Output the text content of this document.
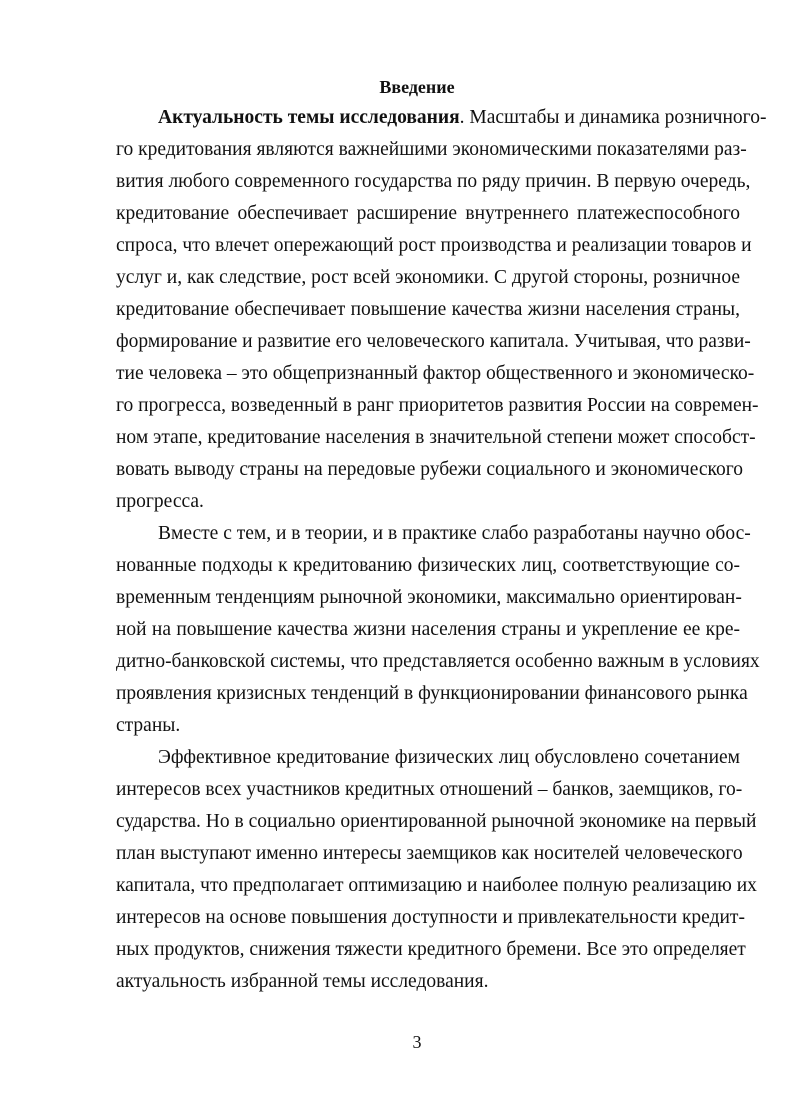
Введение
Актуальность темы исследования. Масштабы и динамика розничного-
го кредитования являются важнейшими экономическими показателями раз-
вития любого современного государства по ряду причин. В первую очередь,
кредитование обеспечивает расширение внутреннего платежеспособного
спроса, что влечет опережающий рост производства и реализации товаров и
услуг и, как следствие, рост всей экономики. С другой стороны, розничное
кредитование обеспечивает повышение качества жизни населения страны,
формирование и развитие его человеческого капитала. Учитывая, что разви-
тие человека – это общепризнанный фактор общественного и экономическо-
го прогресса, возведенный в ранг приоритетов развития России на современ-
ном этапе, кредитование населения в значительной степени может способст-
вовать выводу страны на передовые рубежи социального и экономического
прогресса.
Вместе с тем, и в теории, и в практике слабо разработаны научно обос-
нованные подходы к кредитованию физических лиц, соответствующие со-
временным тенденциям рыночной экономики, максимально ориентирован-
ной на повышение качества жизни населения страны и укрепление ее кре-
дитно-банковской системы, что представляется особенно важным в условиях
проявления кризисных тенденций в функционировании финансового рынка
страны.
Эффективное кредитование физических лиц обусловлено сочетанием
интересов всех участников кредитных отношений – банков, заемщиков, го-
сударства. Но в социально ориентированной рыночной экономике на первый
план выступают именно интересы заемщиков как носителей человеческого
капитала, что предполагает оптимизацию и наиболее полную реализацию их
интересов на основе повышения доступности и привлекательности кредит-
ных продуктов, снижения тяжести кредитного бремени. Все это определяет
актуальность избранной темы исследования.
3
